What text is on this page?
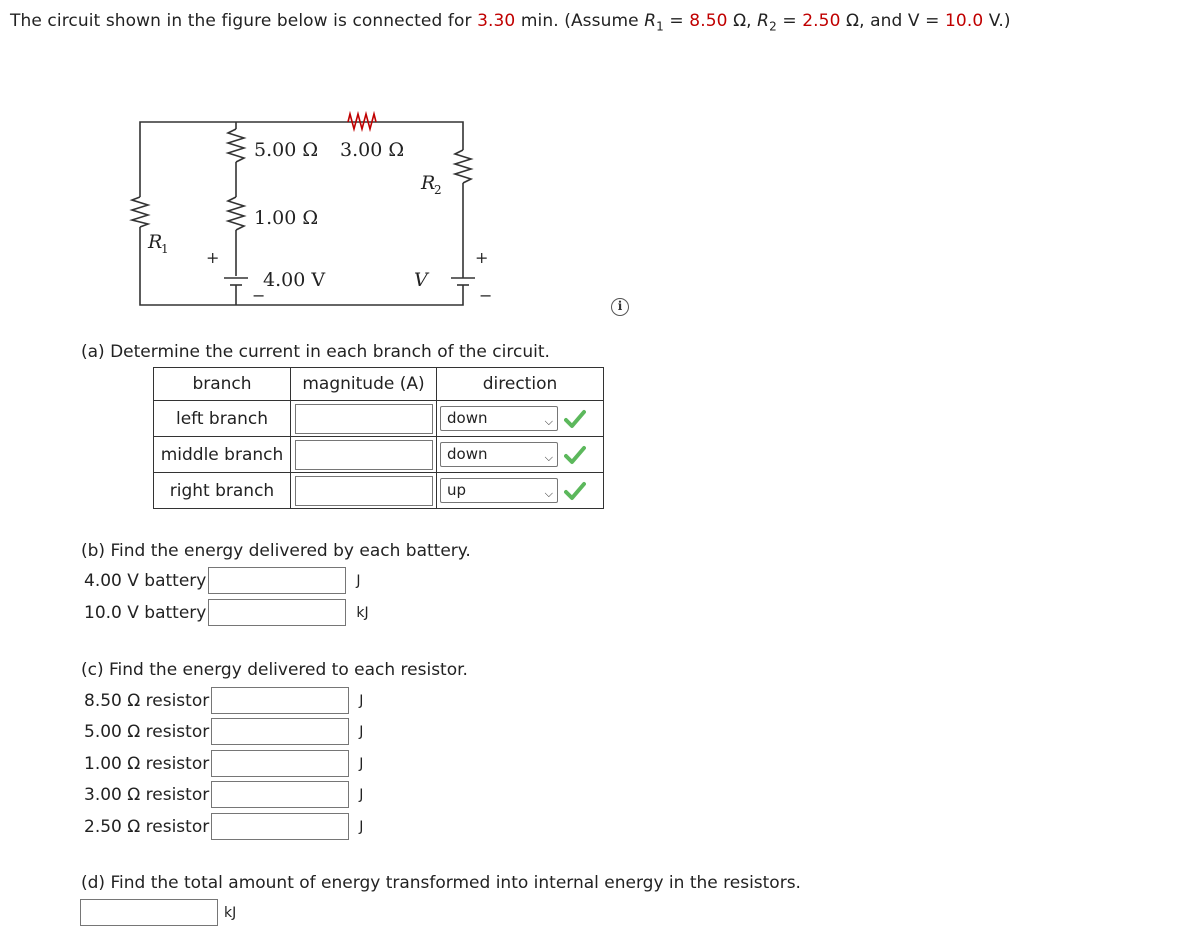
The circuit shown in the figure below is connected for 3.30 min. (Assume $R_1 = 8.50$ Ω, $R_2 = 2.50$ Ω, and V = 10.0 V.)
5.00 Ω 3.00 Ω
1.00 Ω
4.00 V	V
R
1
R
2
+	+
−	−
i
(a) Determine the current in each branch of the circuit.
branch	magnitude (A)	direction
left branch		down ⌵

middle branch		down ⌵

right branch		up ⌵
(b) Find the energy delivered by each battery.
4.00 V battery	J
10.0 V battery	kJ
(c) Find the energy delivered to each resistor.
8.50 Ω resistor	J
5.00 Ω resistor	J
1.00 Ω resistor	J
3.00 Ω resistor	J
2.50 Ω resistor	J
(d) Find the total amount of energy transformed into internal energy in the resistors.
kJ
